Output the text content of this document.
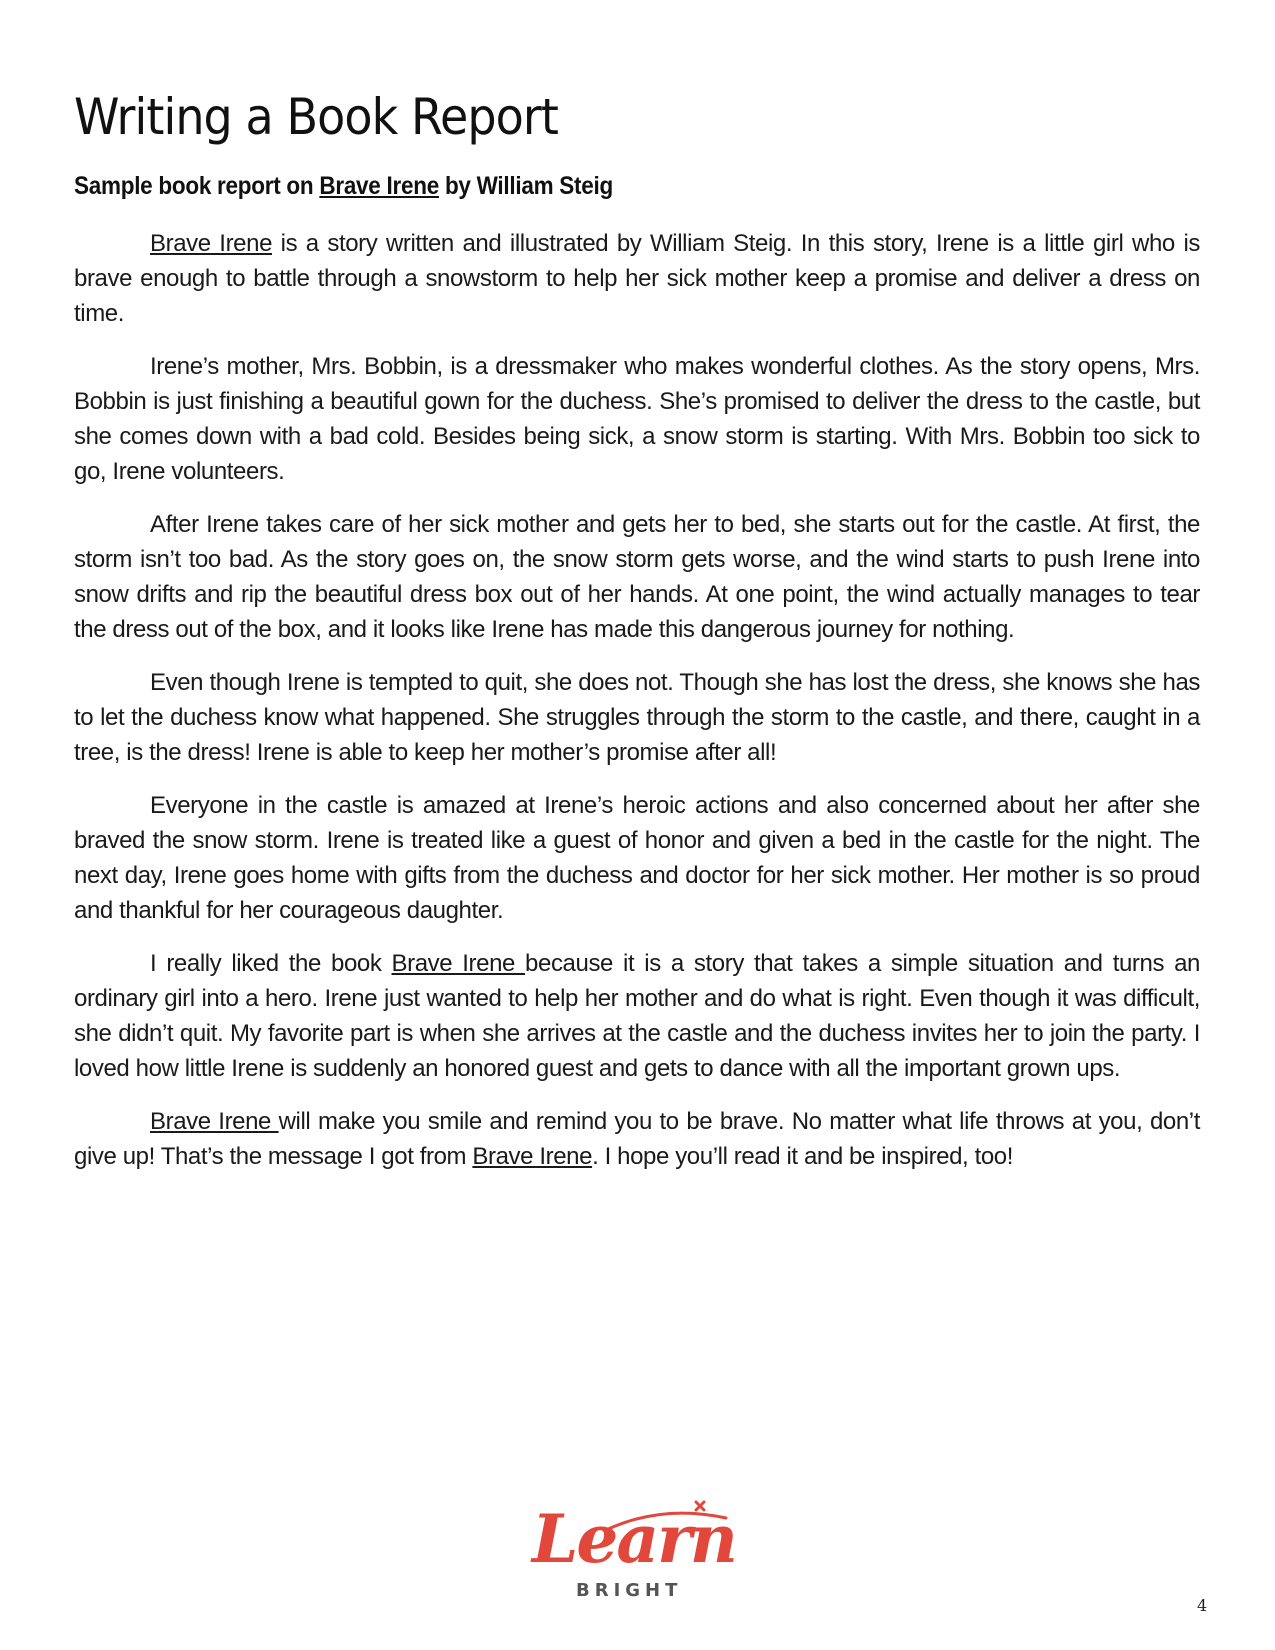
Writing a Book Report
Sample book report on Brave Irene by William Steig

Brave Irene is a story written and illustrated by William Steig. In this story, Irene is a little girl who is brave enough to battle through a snowstorm to help her sick mother keep a promise and deliver a dress on time.

Irene’s mother, Mrs. Bobbin, is a dressmaker who makes wonderful clothes. As the story opens, Mrs. Bobbin is just finishing a beautiful gown for the duchess. She’s promised to deliver the dress to the castle, but she comes down with a bad cold. Besides being sick, a snow storm is starting. With Mrs. Bobbin too sick to go, Irene volunteers.

After Irene takes care of her sick mother and gets her to bed, she starts out for the castle. At first, the storm isn’t too bad. As the story goes on, the snow storm gets worse, and the wind starts to push Irene into snow drifts and rip the beautiful dress box out of her hands. At one point, the wind actually manages to tear the dress out of the box, and it looks like Irene has made this dangerous journey for nothing.

Even though Irene is tempted to quit, she does not. Though she has lost the dress, she knows she has to let the duchess know what happened. She struggles through the storm to the castle, and there, caught in a tree, is the dress! Irene is able to keep her mother’s promise after all!

Everyone in the castle is amazed at Irene’s heroic actions and also concerned about her after she braved the snow storm. Irene is treated like a guest of honor and given a bed in the castle for the night. The next day, Irene goes home with gifts from the duchess and doctor for her sick mother. Her mother is so proud and thankful for her courageous daughter.

I really liked the book Brave Irene because it is a story that takes a simple situation and turns an ordinary girl into a hero. Irene just wanted to help her mother and do what is right. Even though it was difficult, she didn’t quit. My favorite part is when she arrives at the castle and the duchess invites her to join the party. I loved how little Irene is suddenly an honored guest and gets to dance with all the important grown ups.

Brave Irene will make you smile and remind you to be brave. No matter what life throws at you, don’t give up! That’s the message I got from Brave Irene. I hope you’ll read it and be inspired, too!

Learn
BRIGHT
4
